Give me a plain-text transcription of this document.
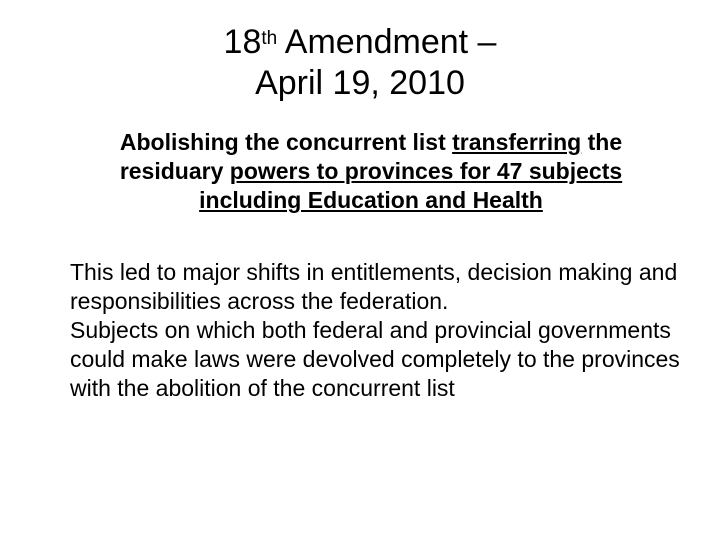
18th Amendment –
April 19, 2010
Abolishing the concurrent list transferring the residuary powers to provinces for 47 subjects including Education and Health

This led to major shifts in entitlements, decision making and responsibilities across the federation.

Subjects on which both federal and provincial governments could make laws were devolved completely to the provinces with the abolition of the concurrent list
